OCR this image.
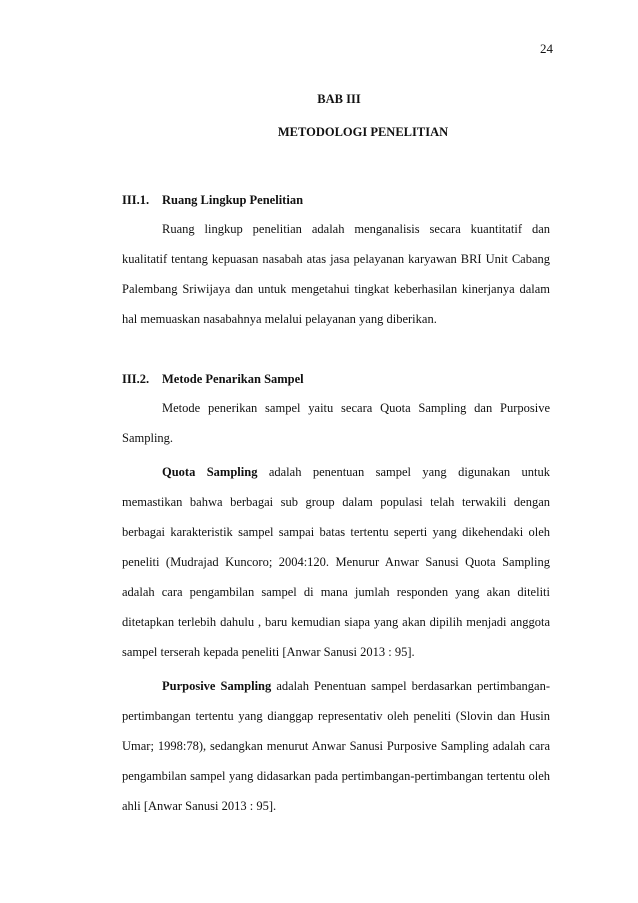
24
BAB III
METODOLOGI PENELITIAN
III.1. Ruang Lingkup Penelitian

Ruang lingkup penelitian adalah menganalisis secara kuantitatif dan kualitatif tentang kepuasan nasabah atas jasa pelayanan karyawan BRI Unit Cabang Palembang Sriwijaya dan untuk mengetahui tingkat keberhasilan kinerjanya dalam hal memuaskan nasabahnya melalui pelayanan yang diberikan.

III.2. Metode Penarikan Sampel

Metode penerikan sampel yaitu secara Quota Sampling dan Purposive Sampling.

Quota Sampling adalah penentuan sampel yang digunakan untuk memastikan bahwa berbagai sub group dalam populasi telah terwakili dengan berbagai karakteristik sampel sampai batas tertentu seperti yang dikehendaki oleh peneliti (Mudrajad Kuncoro; 2004:120. Menurur Anwar Sanusi Quota Sampling adalah cara pengambilan sampel di mana jumlah responden yang akan diteliti ditetapkan terlebih dahulu , baru kemudian siapa yang akan dipilih menjadi anggota sampel terserah kepada peneliti [Anwar Sanusi 2013 : 95].

Purposive Sampling adalah Penentuan sampel berdasarkan pertimbangan-pertimbangan tertentu yang dianggap representativ oleh peneliti (Slovin dan Husin Umar; 1998:78), sedangkan menurut Anwar Sanusi Purposive Sampling adalah cara pengambilan sampel yang didasarkan pada pertimbangan-pertimbangan tertentu oleh ahli [Anwar Sanusi 2013 : 95].
